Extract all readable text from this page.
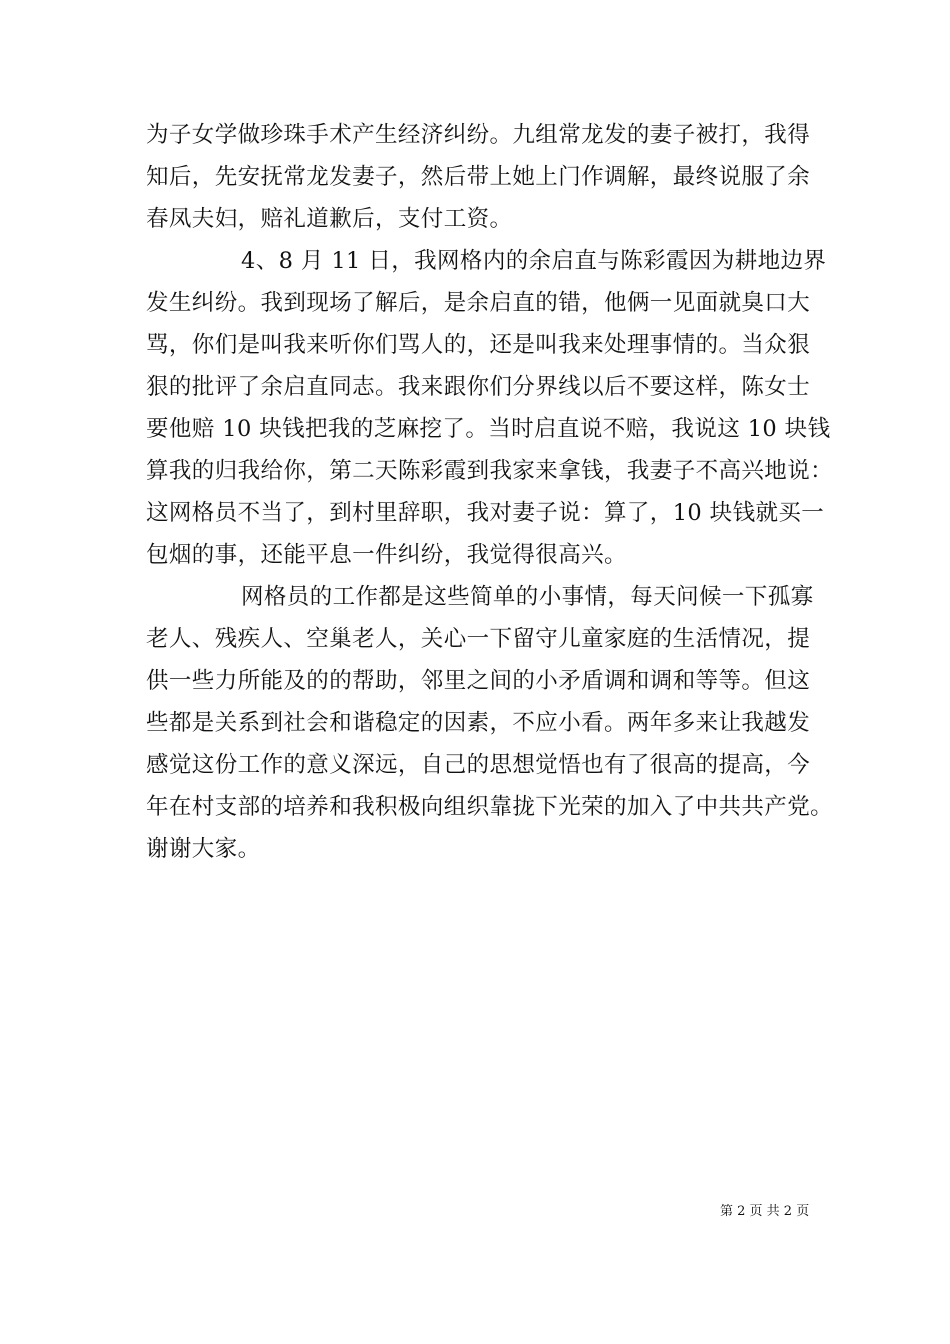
为子女学做珍珠手术产生经济纠纷。九组常龙发的妻子被打，我得
知后，先安抚常龙发妻子，然后带上她上门作调解，最终说服了余
春凤夫妇，赔礼道歉后，支付工资。
4、8 月 11 日，我网格内的余启直与陈彩霞因为耕地边界
发生纠纷。我到现场了解后，是余启直的错，他俩一见面就臭口大
骂，你们是叫我来听你们骂人的，还是叫我来处理事情的。当众狠
狠的批评了余启直同志。我来跟你们分界线以后不要这样，陈女士
要他赔 10 块钱把我的芝麻挖了。当时启直说不赔，我说这 10 块钱
算我的归我给你，第二天陈彩霞到我家来拿钱，我妻子不高兴地说：
这网格员不当了，到村里辞职，我对妻子说：算了，10 块钱就买一
包烟的事，还能平息一件纠纷，我觉得很高兴。
网格员的工作都是这些简单的小事情，每天问候一下孤寡
老人、残疾人、空巢老人，关心一下留守儿童家庭的生活情况，提
供一些力所能及的的帮助，邻里之间的小矛盾调和调和等等。但这
些都是关系到社会和谐稳定的因素，不应小看。两年多来让我越发
感觉这份工作的意义深远，自己的思想觉悟也有了很高的提高，今
年在村支部的培养和我积极向组织靠拢下光荣的加入了中共共产党。
谢谢大家。
第 2 页 共 2 页
